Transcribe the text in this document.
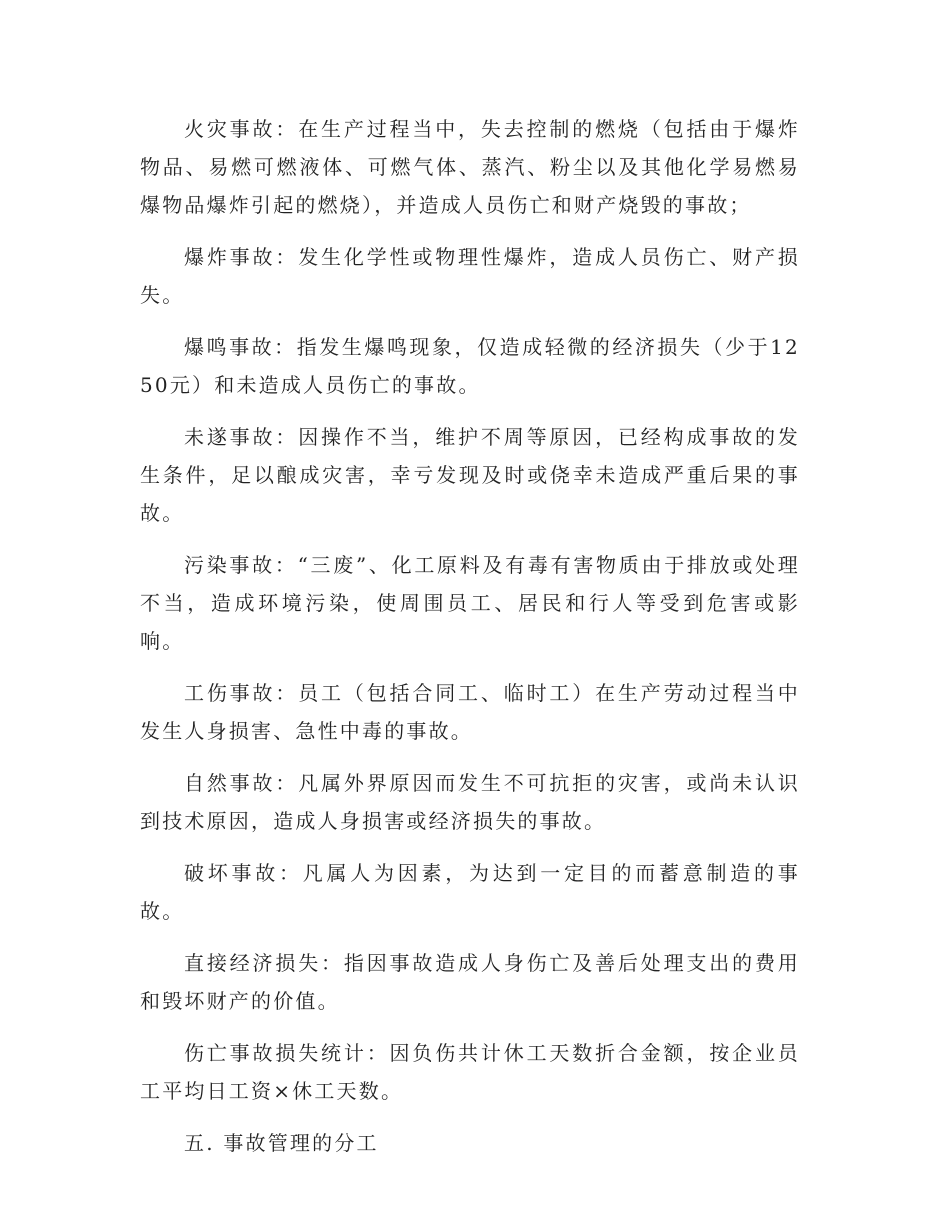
火灾事故：在生产过程当中，失去控制的燃烧（包括由于爆炸物品、易燃可燃液体、可燃气体、蒸汽、粉尘以及其他化学易燃易爆物品爆炸引起的燃烧），并造成人员伤亡和财产烧毁的事故；

爆炸事故：发生化学性或物理性爆炸，造成人员伤亡、财产损失。

爆鸣事故：指发生爆鸣现象，仅造成轻微的经济损失（少于1250元）和未造成人员伤亡的事故。

未遂事故：因操作不当，维护不周等原因，已经构成事故的发生条件，足以酿成灾害，幸亏发现及时或侥幸未造成严重后果的事故。

污染事故：“三废”、化工原料及有毒有害物质由于排放或处理不当，造成环境污染，使周围员工、居民和行人等受到危害或影响。

工伤事故：员工（包括合同工、临时工）在生产劳动过程当中发生人身损害、急性中毒的事故。

自然事故：凡属外界原因而发生不可抗拒的灾害，或尚未认识到技术原因，造成人身损害或经济损失的事故。

破坏事故：凡属人为因素，为达到一定目的而蓄意制造的事故。

直接经济损失：指因事故造成人身伤亡及善后处理支出的费用和毁坏财产的价值。

伤亡事故损失统计：因负伤共计休工天数折合金额，按企业员工平均日工资×休工天数。

五. 事故管理的分工
